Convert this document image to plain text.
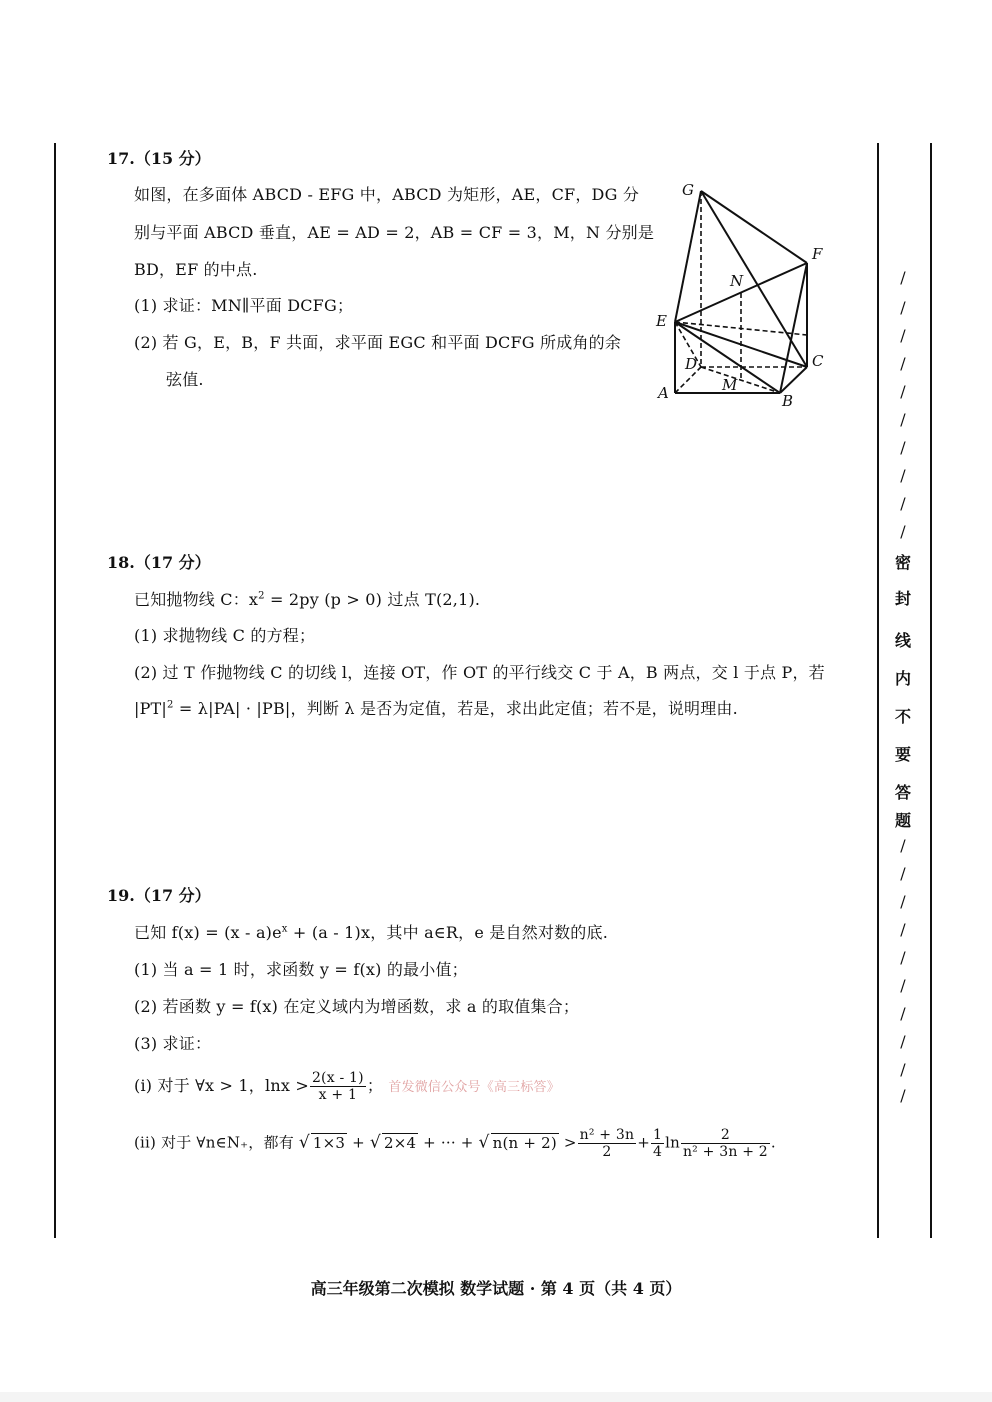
17.（15 分）
如图，在多面体 ABCD - EFG 中，ABCD 为矩形，AE，CF，DG 分
别与平面 ABCD 垂直，AE = AD = 2，AB = CF = 3，M，N 分别是
BD，EF 的中点.
(1) 求证：MN∥平面 DCFG；
(2) 若 G，E，B，F 共面，求平面 EGC 和平面 DCFG 所成角的余
弦值.
G
F
N
E
D	C
M
A	B
18.（17 分）
已知抛物线 C：$x^2 = 2py$ (p > 0) 过点 T(2,1).
(1) 求抛物线 C 的方程；
(2) 过 T 作抛物线 C 的切线 l，连接 OT，作 OT 的平行线交 C 于 A，B 两点，交 l 于点 P，若
$|PT|^2 = \lambda|PA| \cdot |PB|$，判断 λ 是否为定值，若是，求出此定值；若不是，说明理由.
19.（17 分）
已知 $f(x) = (x - a)e^x + (a - 1)x$，其中 a∈R，e 是自然对数的底.
(1) 当 a = 1 时，求函数 y = f(x) 的最小值；
(2) 若函数 y = f(x) 在定义域内为增函数，求 a 的取值集合；
(3) 求证：
(i) 对于 ∀x > 1，$\ln x > \frac{2(x - 1)}{x + 1}$ ； 首发微信公众号《高三标答》
(ii) 对于 ∀n∈N₊，都有 √ 1×3 + √ 2×4 + ··· + √ $n(n + 2) > \frac{\text{n² + 3n}}{2} + \frac{1}{4}$ $\ln \frac{2}{\text{n² + 3n + 2}}$ .
/
/
/
/
/
/
/
/
/
/
密
封
线
内
不
要
答
题
/
/
/
/
/
/
/
/
/
/
高三年级第二次模拟 数学试题 · 第 4 页（共 4 页）
